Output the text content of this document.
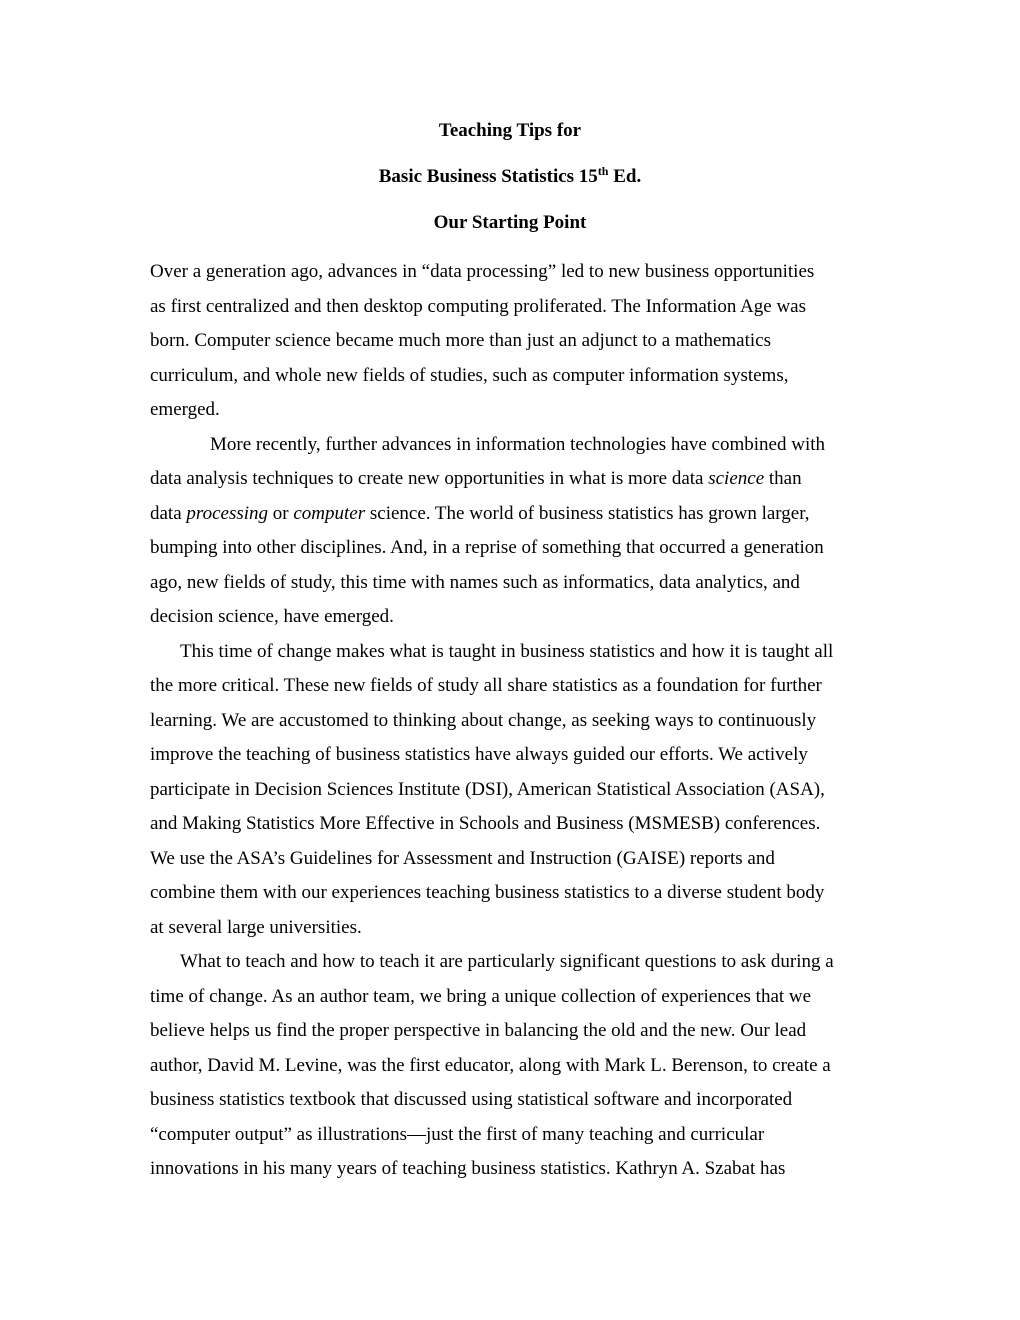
Teaching Tips for
Basic Business Statistics 15th Ed.
Our Starting Point
Over a generation ago, advances in “data processing” led to new business opportunities
as first centralized and then desktop computing proliferated. The Information Age was
born. Computer science became much more than just an adjunct to a mathematics
curriculum, and whole new fields of studies, such as computer information systems,
emerged.
More recently, further advances in information technologies have combined with
data analysis techniques to create new opportunities in what is more data science than
data processing or computer science. The world of business statistics has grown larger,
bumping into other disciplines. And, in a reprise of something that occurred a generation
ago, new fields of study, this time with names such as informatics, data analytics, and
decision science, have emerged.
This time of change makes what is taught in business statistics and how it is taught all
the more critical. These new fields of study all share statistics as a foundation for further
learning. We are accustomed to thinking about change, as seeking ways to continuously
improve the teaching of business statistics have always guided our efforts. We actively
participate in Decision Sciences Institute (DSI), American Statistical Association (ASA),
and Making Statistics More Effective in Schools and Business (MSMESB) conferences.
We use the ASA’s Guidelines for Assessment and Instruction (GAISE) reports and
combine them with our experiences teaching business statistics to a diverse student body
at several large universities.
What to teach and how to teach it are particularly significant questions to ask during a
time of change. As an author team, we bring a unique collection of experiences that we
believe helps us find the proper perspective in balancing the old and the new. Our lead
author, David M. Levine, was the first educator, along with Mark L. Berenson, to create a
business statistics textbook that discussed using statistical software and incorporated
“computer output” as illustrations—just the first of many teaching and curricular
innovations in his many years of teaching business statistics. Kathryn A. Szabat has
